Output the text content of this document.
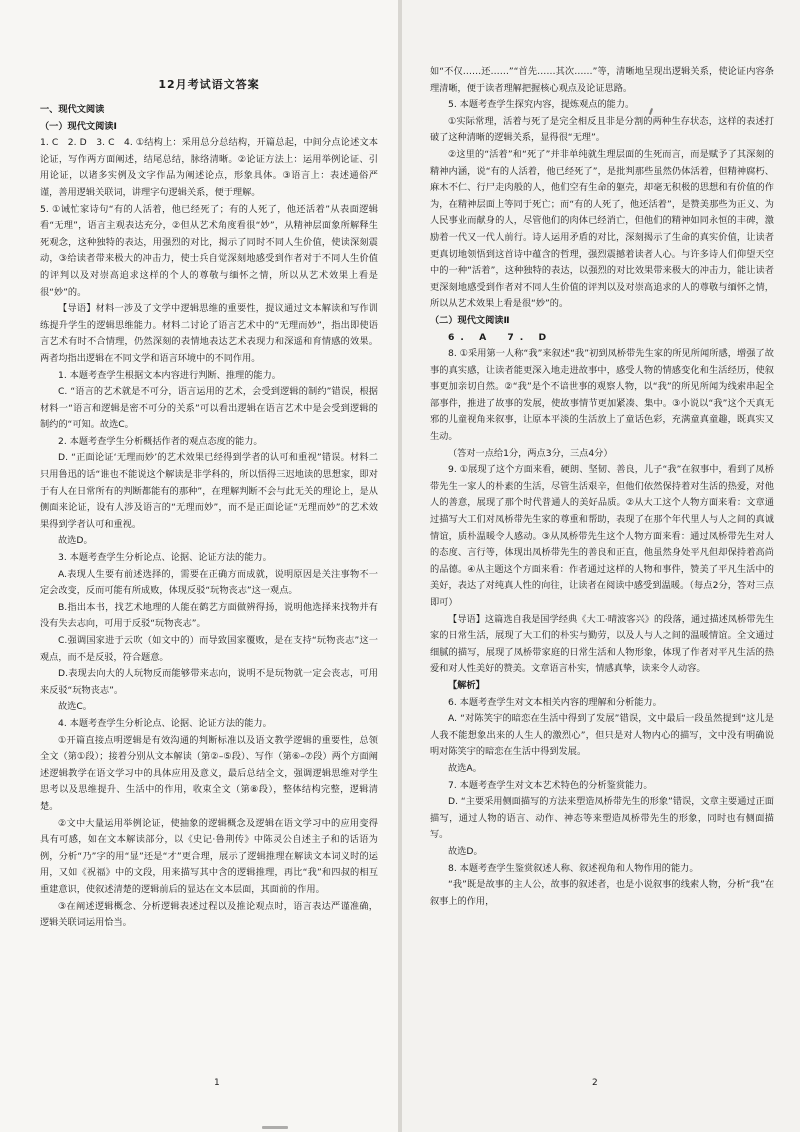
12月考试语文答案

一、现代文阅读

（一）现代文阅读Ⅰ

1. C　2. D　3. C　4. ①结构上：采用总分总结构，开篇总起，中间分点论述文本论证，写作两方面阐述，结尾总结，脉络清晰。②论证方法上：运用举例论证、引用论证，以诸多实例及文字作品为阐述论点，形象具体。③语言上：表述通俗严谨，善用逻辑关联词，讲理字句逻辑关系，便于理解。

5. ①诫忙家诗句“有的人活着，他已经死了；有的人死了，他还活着”从表面逻辑看“无理”，语言主观表达充分，②但从艺术角度看很“妙”，从精神层面象所解释生死观念，这种独特的表达，用强烈的对比，揭示了同时不同人生价值，使读深刻震动，③给读者带来极大的冲击力，使士兵自觉深刻地感受到作者对于不同人生价值的评判以及对崇高追求这样的个人的尊敬与缅怀之情，所以从艺术效果上看是很“妙”的。

【导语】材料一涉及了文学中逻辑思维的重要性，提议通过文本解读和写作训练提升学生的逻辑思维能力。材料二讨论了语言艺术中的“无理而妙”，指出即使语言艺术有时不合情理，仍然深刻的表情地表达艺术表现力和深遥和育情感的效果。两者均指出逻辑在不同文学和语言环境中的不同作用。

1. 本题考查学生根据文本内容进行判断、推理的能力。

C. “语言的艺术就是不可分，语言运用的艺术，会受到逻辑的制约”错误，根据材料一“语言和逻辑是密不可分的关系”可以看出逻辑在语言艺术中是会受到逻辑的制约的“可知。故选C。

2. 本题考查学生分析概括作者的观点态度的能力。

D. “正面论证‘无理而妙’的艺术效果已经得到学者的认可和重视”错误。材料二只用鲁迅的话“谁也不能说这个解读是非学科的，所以悟得三迟地读的思想家，即对于有人在日常所有的判断都能有的那种”，在理解判断不会与此无关的理论上，是从侧面来论证，设有人涉及语言的“无理而妙”，而不是正面论证“无理而妙”的艺术效果得到学者认可和重视。

故选D。

3. 本题考查学生分析论点、论据、论证方法的能力。

A.表现人生要有前述选择的，需要在正确方而成就，说明原因是关注事物不一定会改变，反而可能有所成败，体现反驳“玩物丧志”这一观点。

B.指出本书，找艺术地理的人能在鹤艺方面做辨得扬，说明他选择来找物并有没有失去志向，可用于反驳“玩物丧志”。

C.强调国家进于云吹（如文中的）而导致国家覆败，是在支持“玩物丧志”这一观点，而不是反驳，符合题意。

D.表现去向大的人玩物反而能够带来志向，说明不是玩物就一定会丧志，可用来反驳“玩物丧志”。

故选C。

4. 本题考查学生分析论点、论据、论证方法的能力。

①开篇直接点明逻辑是有效沟通的判断标准以及语文教学逻辑的重要性，总领全文（第①段）；接着分别从文本解读（第②–⑤段）、写作（第⑥–⑦段）两个方面阐述逻辑教学在语文学习中的具体应用及意义，最后总结全文，强调逻辑思维对学生思考以及思维提升、生活中的作用，收束全文（第⑧段），整体结构完整，逻辑清楚。

②文中大量运用举例论证，使抽象的逻辑概念及逻辑在语文学习中的应用变得具有可感，如在文本解读部分，以《史记·鲁荆传》中陈灵公自述主子和的话语为例，分析“乃”字的用“显”还是“才”更合理，展示了逻辑推理在解读文本词义时的运用，又如《祝福》中的文段，用来描写其中含的逻辑推理，再比“我”和四叔的相互重建意识，使叙述清楚的逻辑前后的显达在文本层面，其面前的作用。

③在阐述逻辑概念、分析逻辑表述过程以及推论观点时，语言表达严谨准确，逻辑关联词运用恰当。

1

如“不仅……还……”“首先……其次……”等，清晰地呈现出逻辑关系，使论证内容条理清晰，便于读者理解把握核心观点及论证思路。

5. 本题考查学生探究内容，提炼观点的能力。

①实际常理，活着与死了是完全相反且非是分割的两种生存状态，这样的表述打破了这种清晰的逻辑关系，显得很“无理”。

②这里的“活着”和“死了”并非单纯就生理层面的生死而言，而是赋予了其深刻的精神内涵，说“有的人活着，他已经死了”，是批判那些虽然仍体活着，但精神腐朽、麻木不仁、行尸走肉般的人，他们空有生命的躯壳，却毫无积极的思想和有价值的作为，在精神层面上等同于死亡；而“有的人死了，他还活着”，是赞美那些为正义、为人民事业而献身的人，尽管他们的肉体已经消亡，但他们的精神如同永恒的丰碑，激励着一代又一代人前行。诗人运用矛盾的对比，深刻揭示了生命的真实价值，让读者更真切地领悟到这首诗中蕴含的哲理，强烈震撼着读者人心。与许多诗人们仰望天空中的一种“活着”，这种独特的表达，以强烈的对比效果带来极大的冲击力，能让读者更深刻地感受到作者对不同人生价值的评判以及对崇高追求的人的尊敬与缅怀之情，所以从艺术效果上看是很“妙”的。

（二）现代文阅读Ⅱ

6. A　7. D

8. ①采用第一人称“我”来叙述“我”初到凤桥带先生家的所见所闻所感，增强了故事的真实感，让读者能更深入地走进故事中，感受人物的情感变化和生活经历，使叙事更加亲切自然。②“我”是个不谙世事的观察人物，以“我”的所见所闻为线索串起全部事件，推进了故事的发展，使故事情节更加紧凑、集中。③小说以“我”这个天真无邪的儿童视角来叙事，让原本平淡的生活放上了童话色彩，充满童真童趣，既真实又生动。

（答对一点给1分，两点3分，三点4分）

9. ①展现了这个方面来看，硬朗、坚韧、善良，儿子“我”在叙事中，看到了凤桥带先生一家人的朴素的生活，尽管生活艰辛，但他们依然保持着对生活的热爱，对他人的善意，展现了那个时代普通人的美好品质。②从大工这个人物方面来看：文章通过描写大工们对凤桥带先生家的尊重和帮助，表现了在那个年代里人与人之间的真诚情谊，质朴温暖令人感动。③从凤桥带先生这个人物方面来看：通过凤桥带先生对人的态度、言行等，体现出凤桥带先生的善良和正直，他虽然身处平凡但却保持着高尚的品德。④从主题这个方面来看：作者通过这样的人物和事件，赞美了平凡生活中的美好，表达了对纯真人性的向往，让读者在阅读中感受到温暖。（每点2分，答对三点即可）

【导语】这篇选自我是国学经典《大工·晴波客兴》的段落，通过描述凤桥带先生家的日常生活，展现了大工们的朴实与勤劳，以及人与人之间的温暖情谊。全文通过细腻的描写，展现了凤桥带家庭的日常生活和人物形象，体现了作者对平凡生活的热爱和对人性美好的赞美。文章语言朴实，情感真挚，读来令人动容。

【解析】

6. 本题考查学生对文本相关内容的理解和分析能力。

A. “对陈笑宇的暗恋在生活中得到了发展”错误，文中最后一段虽然提到“这儿是人我不能想象出来的人生人的激烈心”，但只是对人物内心的描写，文中没有明确说明对陈笑宇的暗恋在生活中得到发展。

故选A。

7. 本题考查学生对文本艺术特色的分析鉴赏能力。

D. “主要采用侧面描写的方法来塑造凤桥带先生的形象”错误，文章主要通过正面描写，通过人物的语言、动作、神态等来塑造凤桥带先生的形象，同时也有侧面描写。

故选D。

8. 本题考查学生鉴赏叙述人称、叙述视角和人物作用的能力。

“我”既是故事的主人公，故事的叙述者，也是小说叙事的线索人物，分析“我”在叙事上的作用，

2
